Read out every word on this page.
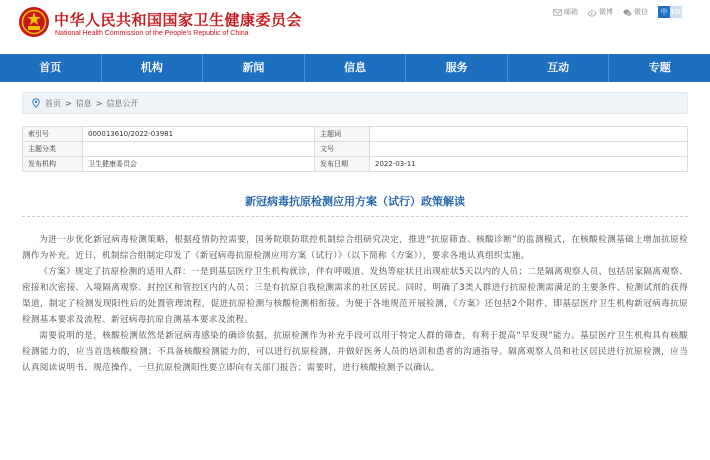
中华人民共和国国家卫生健康委员会
National Health Commission of the People's Republic of China
邮箱	微博	微信	中 EN
首页	机构	新闻	信息	服务	互动	专题
首页 > 信息 > 信息公开
索引号	000013610/2022-03981	主题词	
主题分类		文号	
发布机构	卫生健康委员会	发布日期	2022-03-11
新冠病毒抗原检测应用方案（试行）政策解读

为进一步优化新冠病毒检测策略，根据疫情防控需要，国务院联防联控机制综合组研究决定，推进“抗原筛查、核酸诊断”的监测模式，在核酸检测基础上增加抗原检测作为补充。近日，机制综合组制定印发了《新冠病毒抗原检测应用方案（试行）》（以下简称《方案》），要求各地认真组织实施。

《方案》规定了抗原检测的适用人群：一是到基层医疗卫生机构就诊，伴有呼吸道、发热等症状且出现症状5天以内的人员；二是隔离观察人员，包括居家隔离观察、密接和次密接、入境隔离观察、封控区和管控区内的人员；三是有抗原自我检测需求的社区居民。同时，明确了3类人群进行抗原检测需满足的主要条件、检测试剂的获得渠道，制定了检测发现阳性后的处置管理流程，促进抗原检测与核酸检测相衔接。为便于各地规范开展检测，《方案》还包括2个附件，即基层医疗卫生机构新冠病毒抗原检测基本要求及流程、新冠病毒抗原自测基本要求及流程。

需要说明的是，核酸检测依然是新冠病毒感染的确诊依据，抗原检测作为补充手段可以用于特定人群的筛查，有利于提高“早发现”能力。基层医疗卫生机构具有核酸检测能力的，应当首选核酸检测；不具备核酸检测能力的，可以进行抗原检测，并做好医务人员的培训和患者的沟通指导。隔离观察人员和社区居民进行抗原检测，应当认真阅读说明书、规范操作，一旦抗原检测阳性要立即向有关部门报告；需要时，进行核酸检测予以确认。
